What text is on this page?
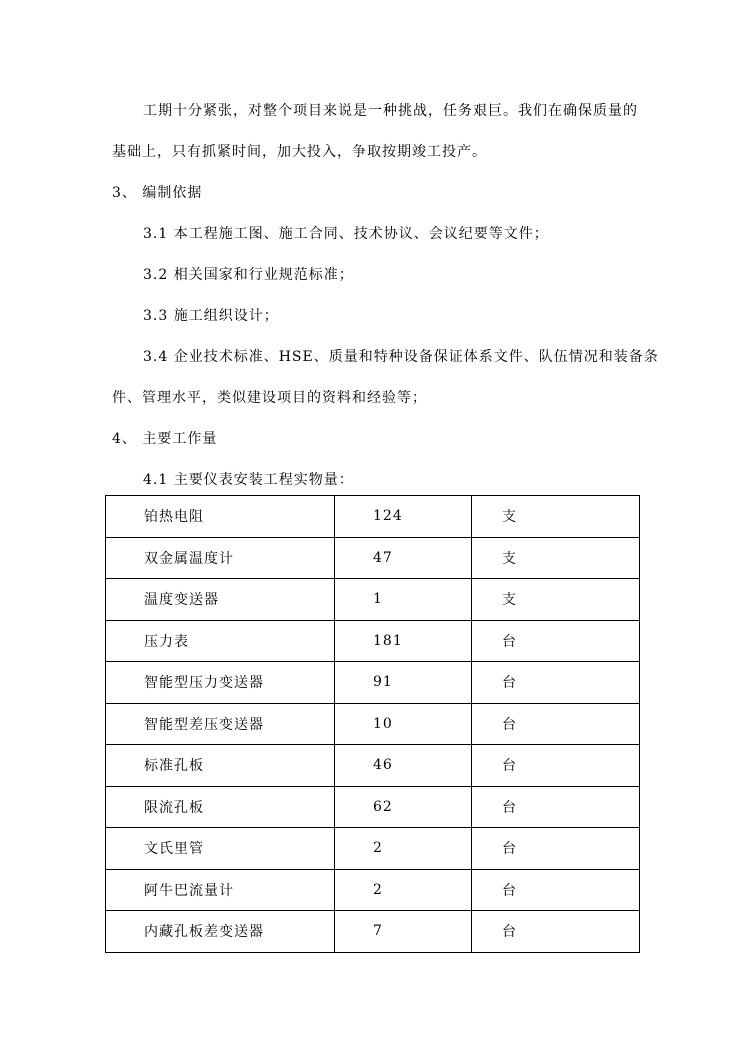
工期十分紧张，对整个项目来说是一种挑战，任务艰巨。我们在确保质量的
基础上，只有抓紧时间，加大投入，争取按期竣工投产。
3、 编制依据
3.1 本工程施工图、施工合同、技术协议、会议纪要等文件；
3.2 相关国家和行业规范标准；
3.3 施工组织设计；
3.4 企业技术标准、HSE、质量和特种设备保证体系文件、队伍情况和装备条
件、管理水平，类似建设项目的资料和经验等；
4、 主要工作量
4.1 主要仪表安装工程实物量：
铂热电阻	124	支
双金属温度计	47	支
温度变送器	1	支
压力表	181	台
智能型压力变送器	91	台
智能型差压变送器	10	台
标准孔板	46	台
限流孔板	62	台
文氏里管	2	台
阿牛巴流量计	2	台
内藏孔板差变送器	7	台
